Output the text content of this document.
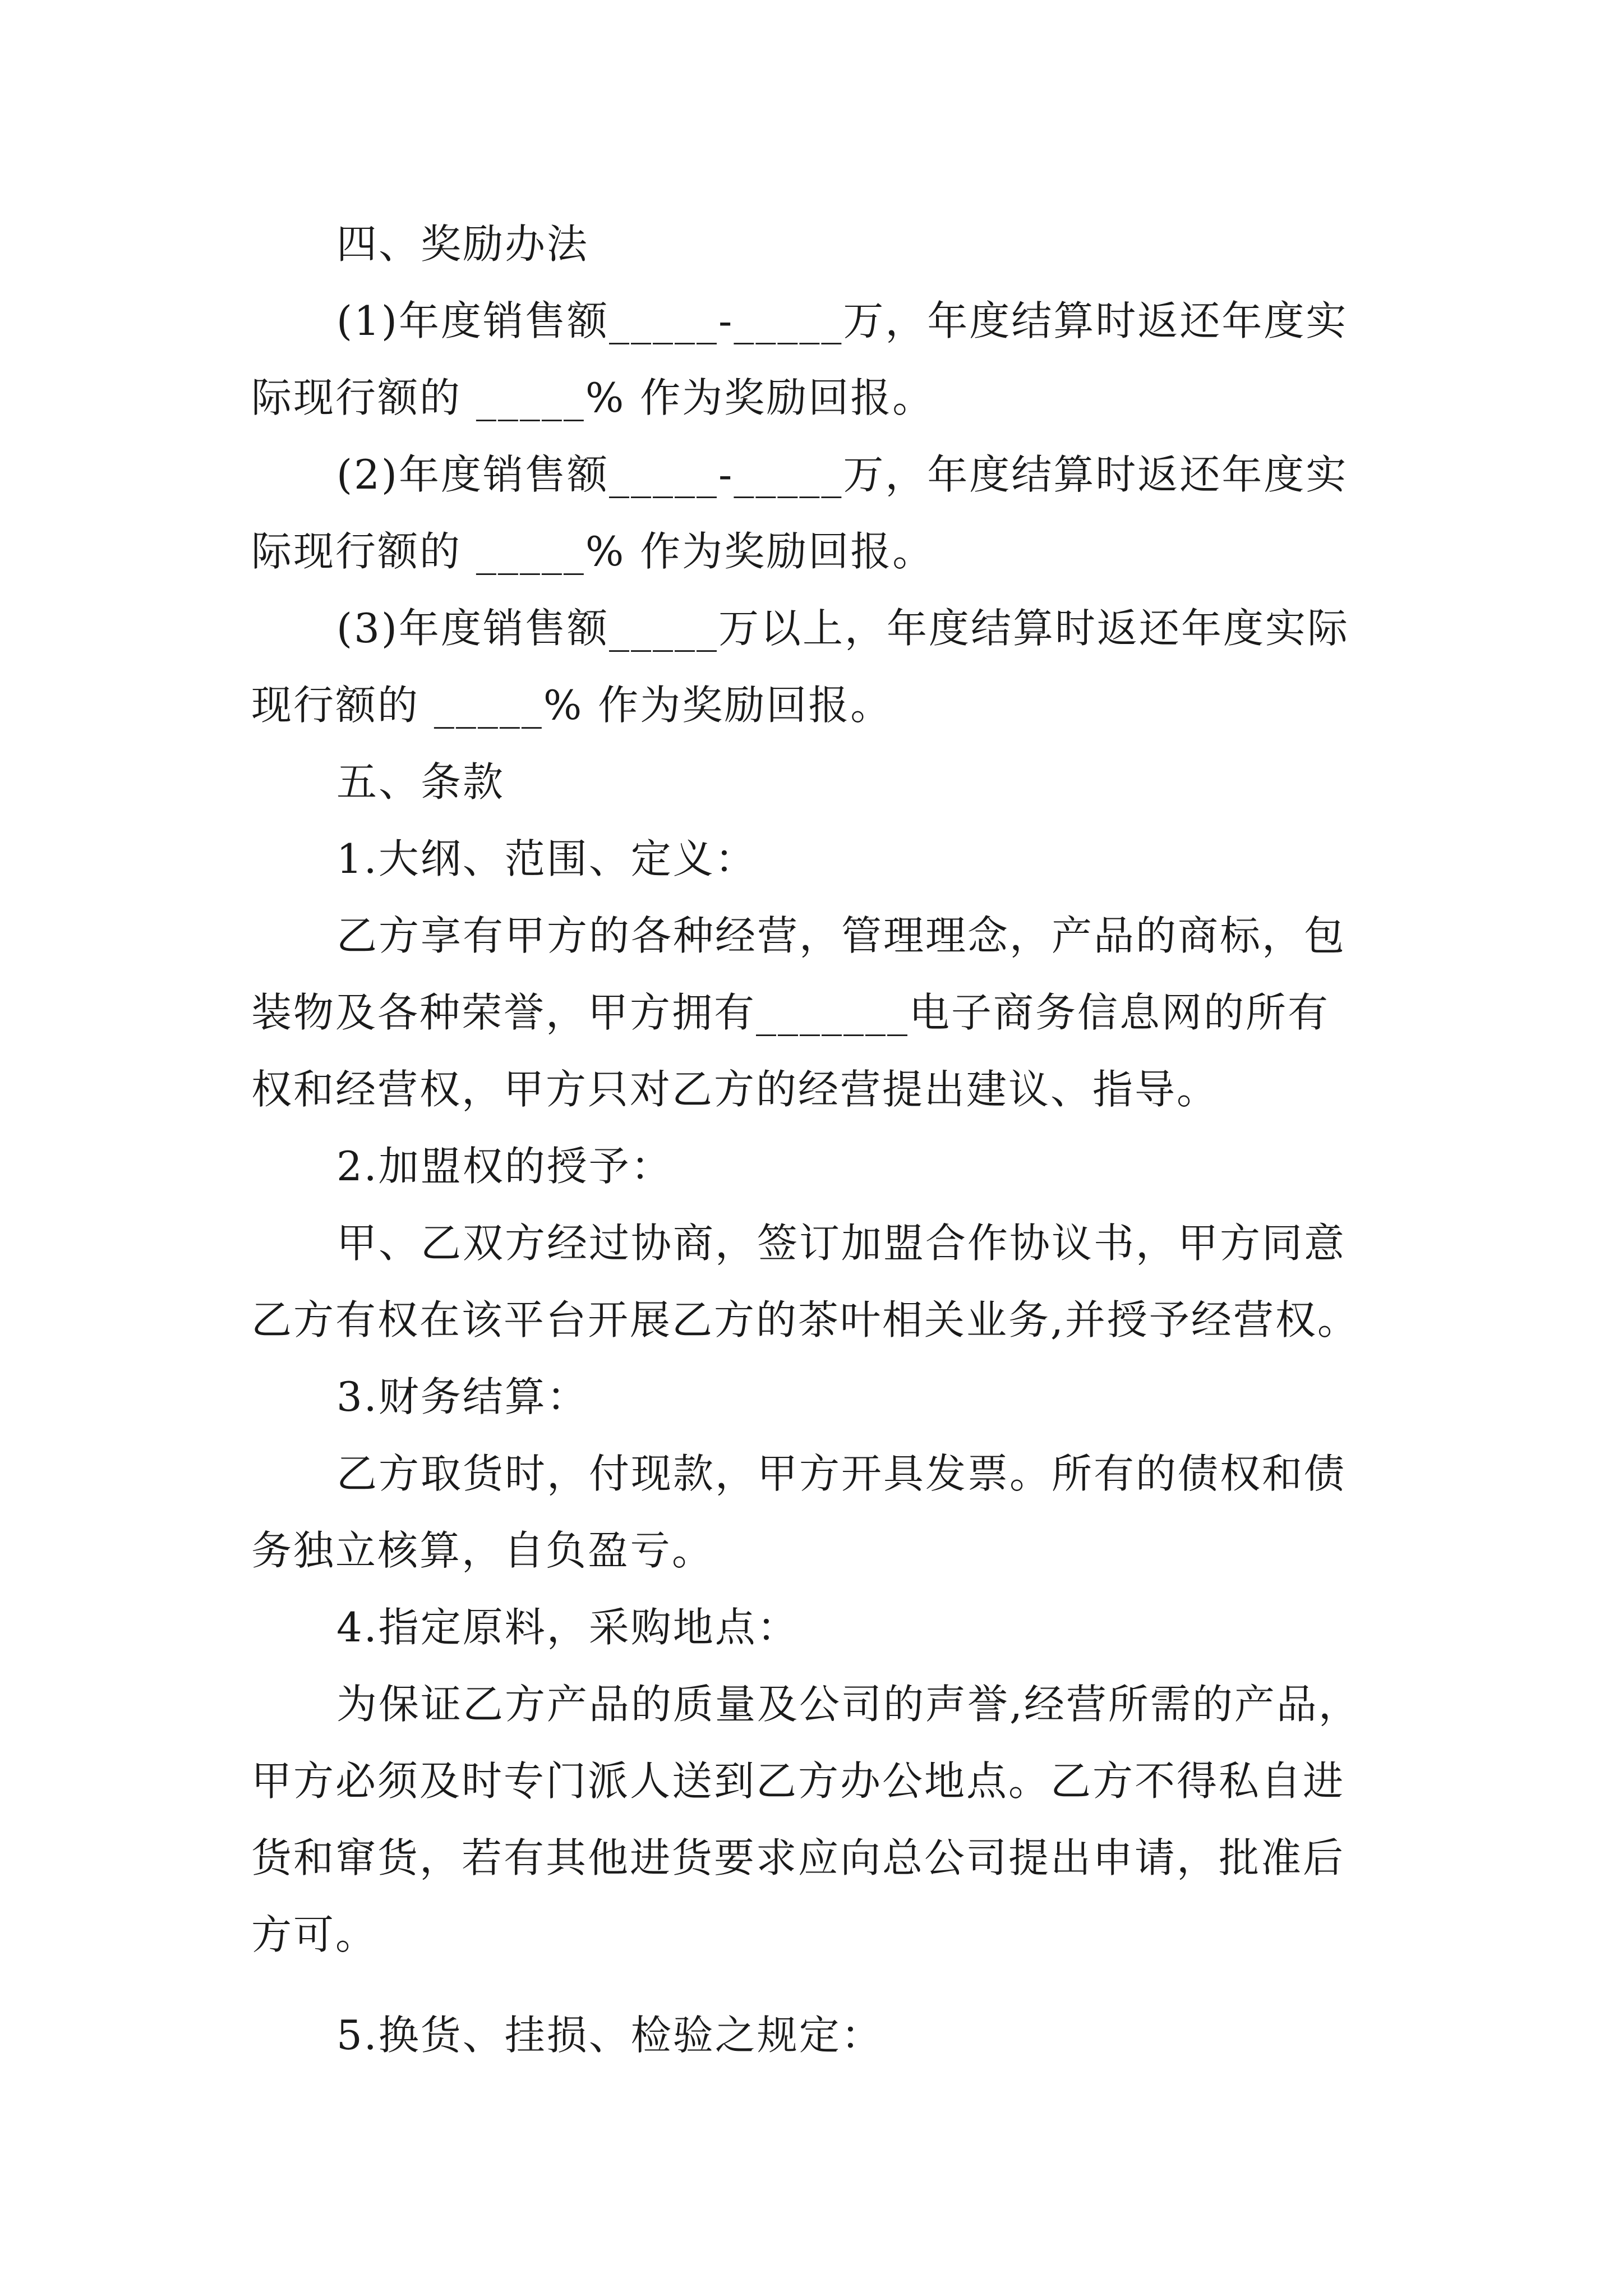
四、奖励办法

(1)年度销售额_____-_____万，年度结算时返还年度实

际现行额的 _____% 作为奖励回报。

(2)年度销售额_____-_____万，年度结算时返还年度实

际现行额的 _____% 作为奖励回报。

(3)年度销售额_____万以上，年度结算时返还年度实际

现行额的 _____% 作为奖励回报。

五、条款

1.大纲、范围、定义：

乙方享有甲方的各种经营，管理理念，产品的商标，包

装物及各种荣誉，甲方拥有_______电子商务信息网的所有

权和经营权，甲方只对乙方的经营提出建议、指导。

2.加盟权的授予：

甲、乙双方经过协商，签订加盟合作协议书，甲方同意

乙方有权在该平台开展乙方的茶叶相关业务,并授予经营权。

3.财务结算：

乙方取货时，付现款，甲方开具发票。所有的债权和债

务独立核算，自负盈亏。

4.指定原料，采购地点：

为保证乙方产品的质量及公司的声誉,经营所需的产品，

甲方必须及时专门派人送到乙方办公地点。乙方不得私自进

货和窜货，若有其他进货要求应向总公司提出申请，批准后

方可。

5.换货、挂损、检验之规定：
